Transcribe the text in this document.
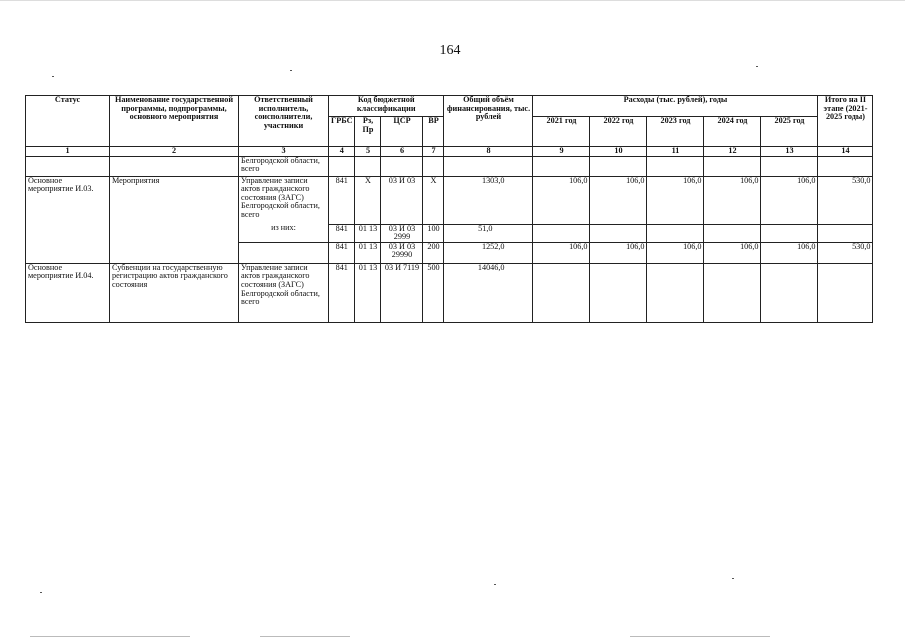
164
Статус	Наименование государственной программы, подпрограммы, основного мероприятия	Ответственный исполнитель, соисполнители, участники	Код бюджетной классификации				Общий объём финансирования, тыс. рублей	Расходы (тыс. рублей), годы					Итого на II этапе (2021-2025 годы)
			ГРБС	Рз, Пр	ЦСР	ВР		2021 год	2022 год	2023 год	2024 год	2025 год	
1	2	3	4	5	6	7	8	9	10	11	12	13	14
		Белгородской области, всего											
Основное мероприятие И.03.	Мероприятия	Управление записи актов гражданского состояния (ЗАГС) Белгородской области, всего	841	Х	03 И 03	Х	1303,0	106,0	106,0	106,0	106,0	106,0	530,0
		из них:	841	01 13	03 И 03 2999	100	51,0						
			841	01 13	03 И 03 29990	200	1252,0	106,0	106,0	106,0	106,0	106,0	530,0
Основное мероприятие И.04.	Субвенции на государственную регистрацию актов гражданского состояния	Управление записи актов гражданского состояния (ЗАГС) Белгородской области, всего	841	01 13	03 И 7119	500	14046,0						
